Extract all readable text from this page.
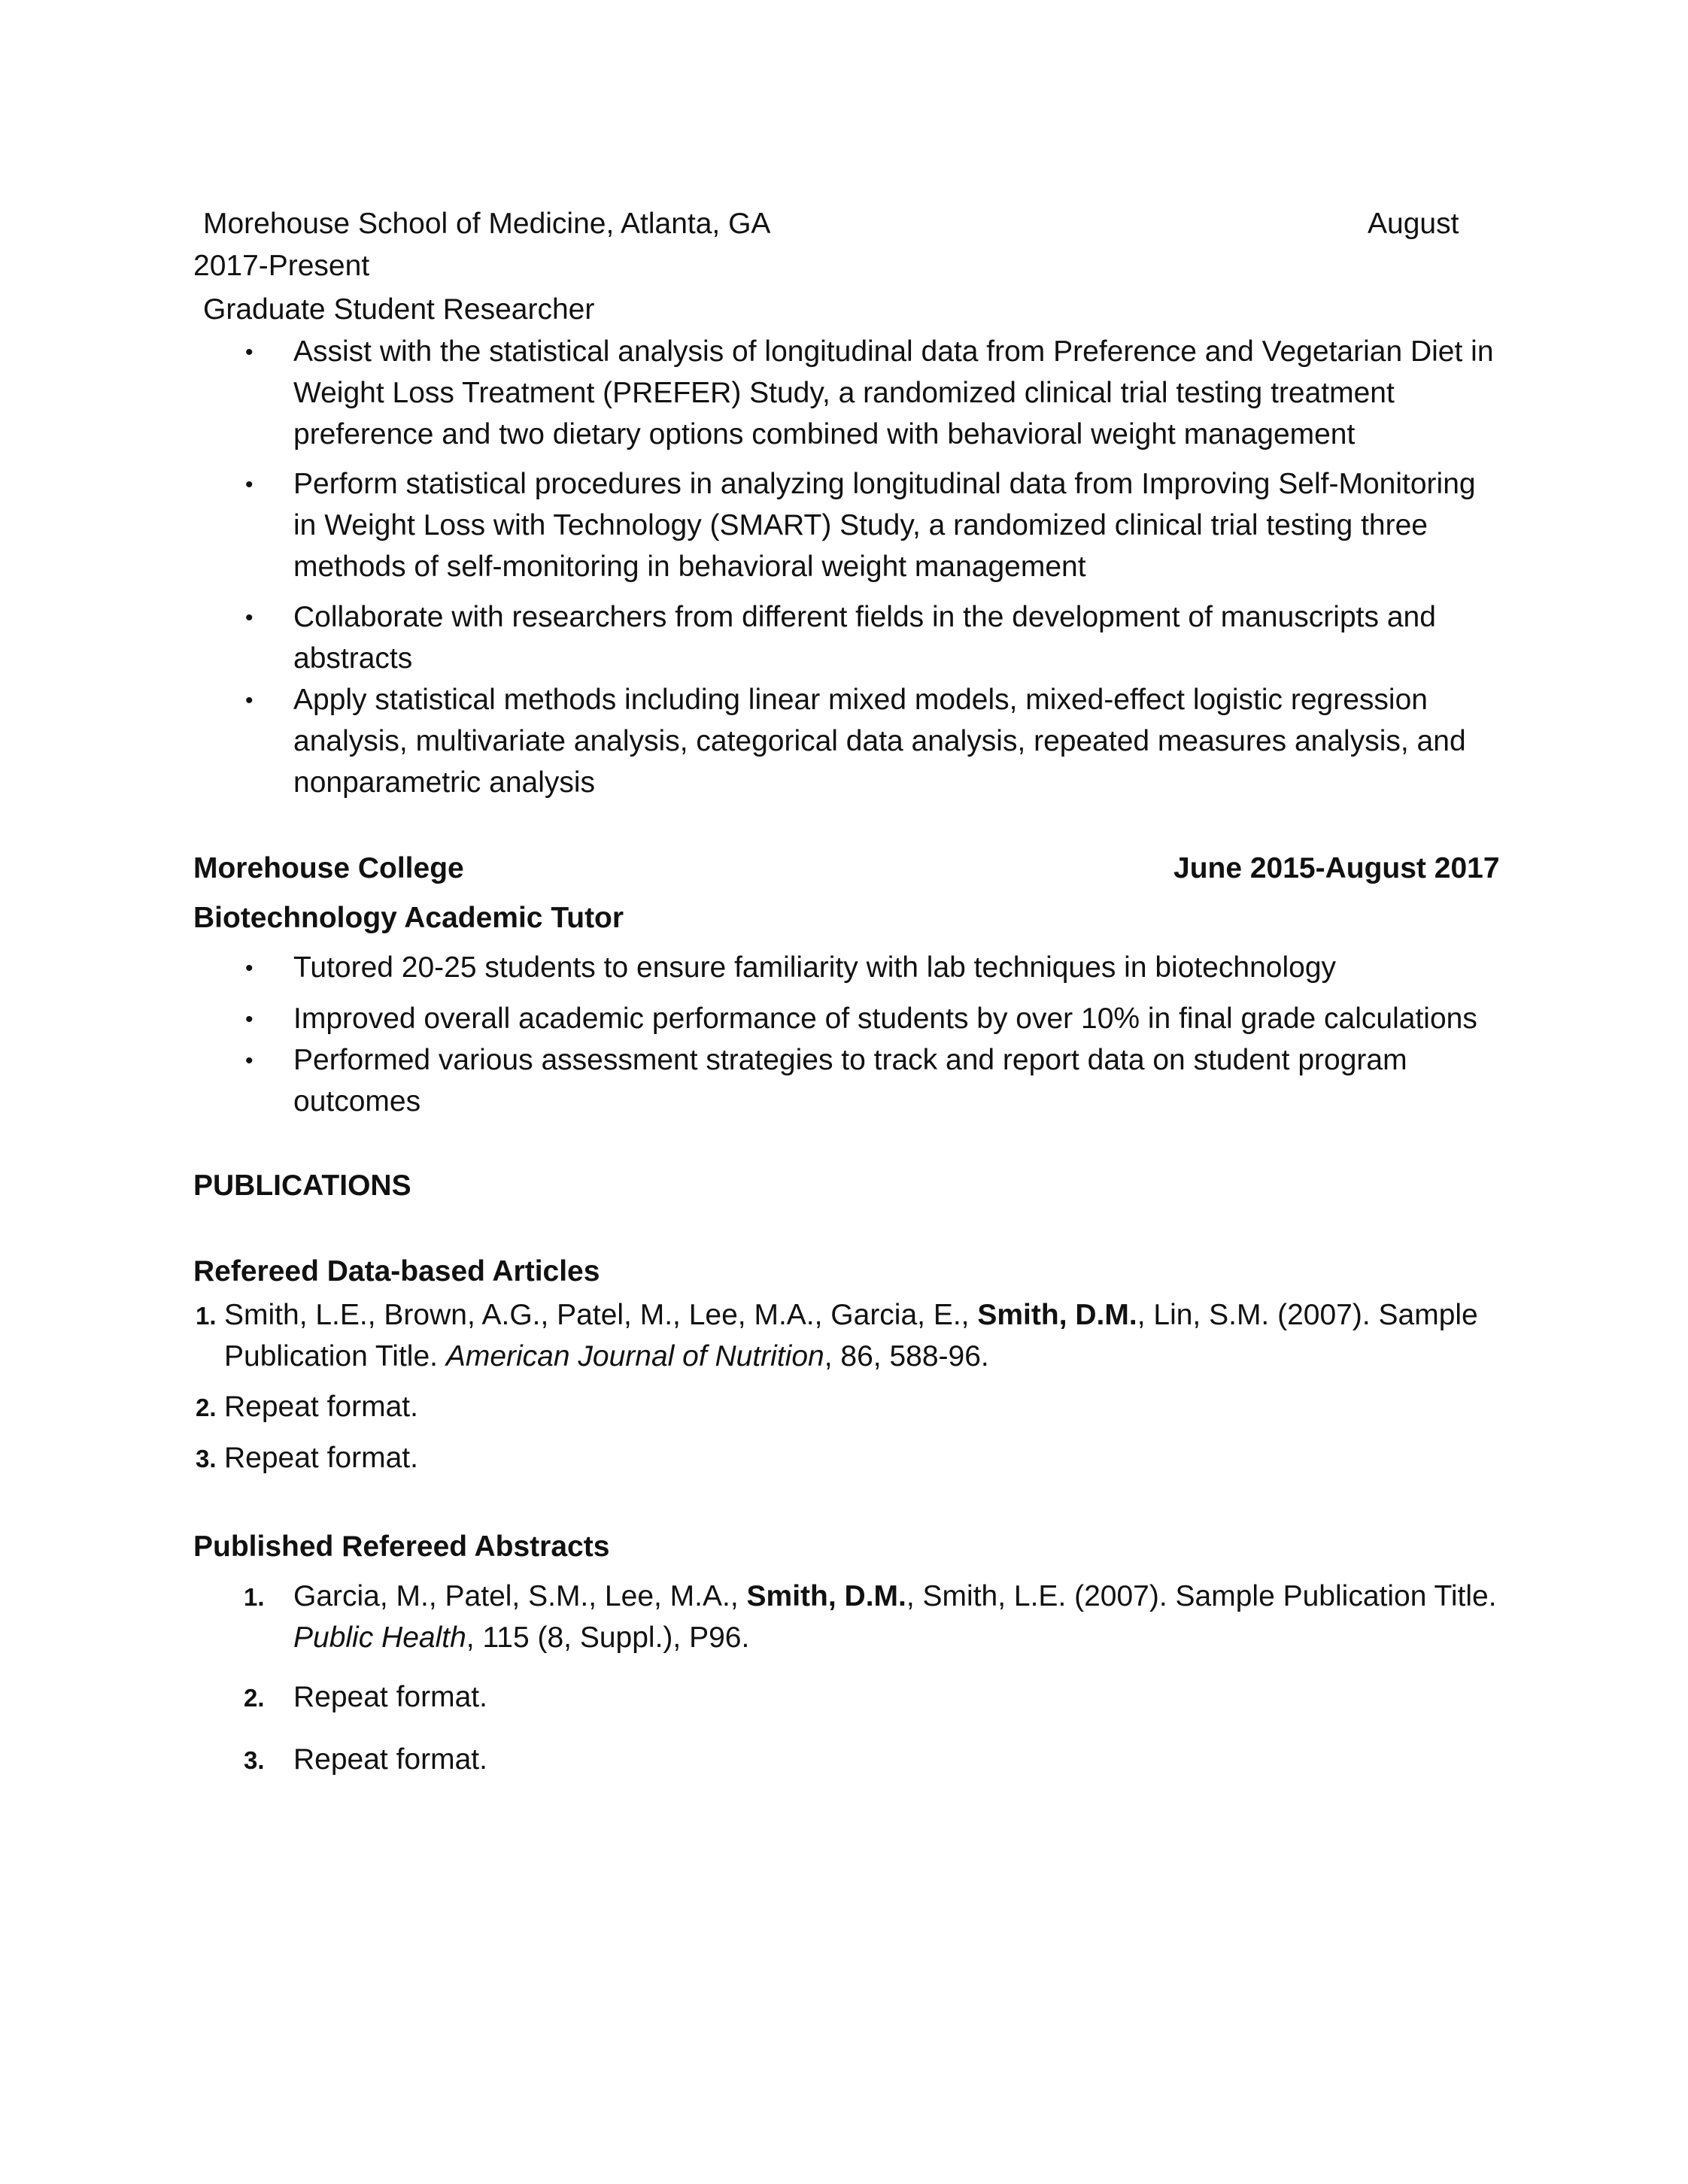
Morehouse School of Medicine, Atlanta, GA	August
2017-Present
Graduate Student Researcher
• Assist with the statistical analysis of longitudinal data from Preference and Vegetarian Diet in
Weight Loss Treatment (PREFER) Study, a randomized clinical trial testing treatment
preference and two dietary options combined with behavioral weight management
• Perform statistical procedures in analyzing longitudinal data from Improving Self-Monitoring
in Weight Loss with Technology (SMART) Study, a randomized clinical trial testing three
methods of self-monitoring in behavioral weight management
• Collaborate with researchers from different fields in the development of manuscripts and
abstracts
• Apply statistical methods including linear mixed models, mixed-effect logistic regression
analysis, multivariate analysis, categorical data analysis, repeated measures analysis, and
nonparametric analysis
Morehouse College	June 2015-August 2017
Biotechnology Academic Tutor
• Tutored 20-25 students to ensure familiarity with lab techniques in biotechnology
• Improved overall academic performance of students by over 10% in final grade calculations
• Performed various assessment strategies to track and report data on student program
outcomes
PUBLICATIONS
Refereed Data-based Articles
1. Smith, L.E., Brown, A.G., Patel, M., Lee, M.A., Garcia, E., Smith, D.M., Lin, S.M. (2007). Sample
Publication Title. American Journal of Nutrition, 86, 588-96.
2. Repeat format.
3. Repeat format.
Published Refereed Abstracts
1. Garcia, M., Patel, S.M., Lee, M.A., Smith, D.M., Smith, L.E. (2007). Sample Publication Title.
Public Health, 115 (8, Suppl.), P96.
2. Repeat format.
3. Repeat format.
